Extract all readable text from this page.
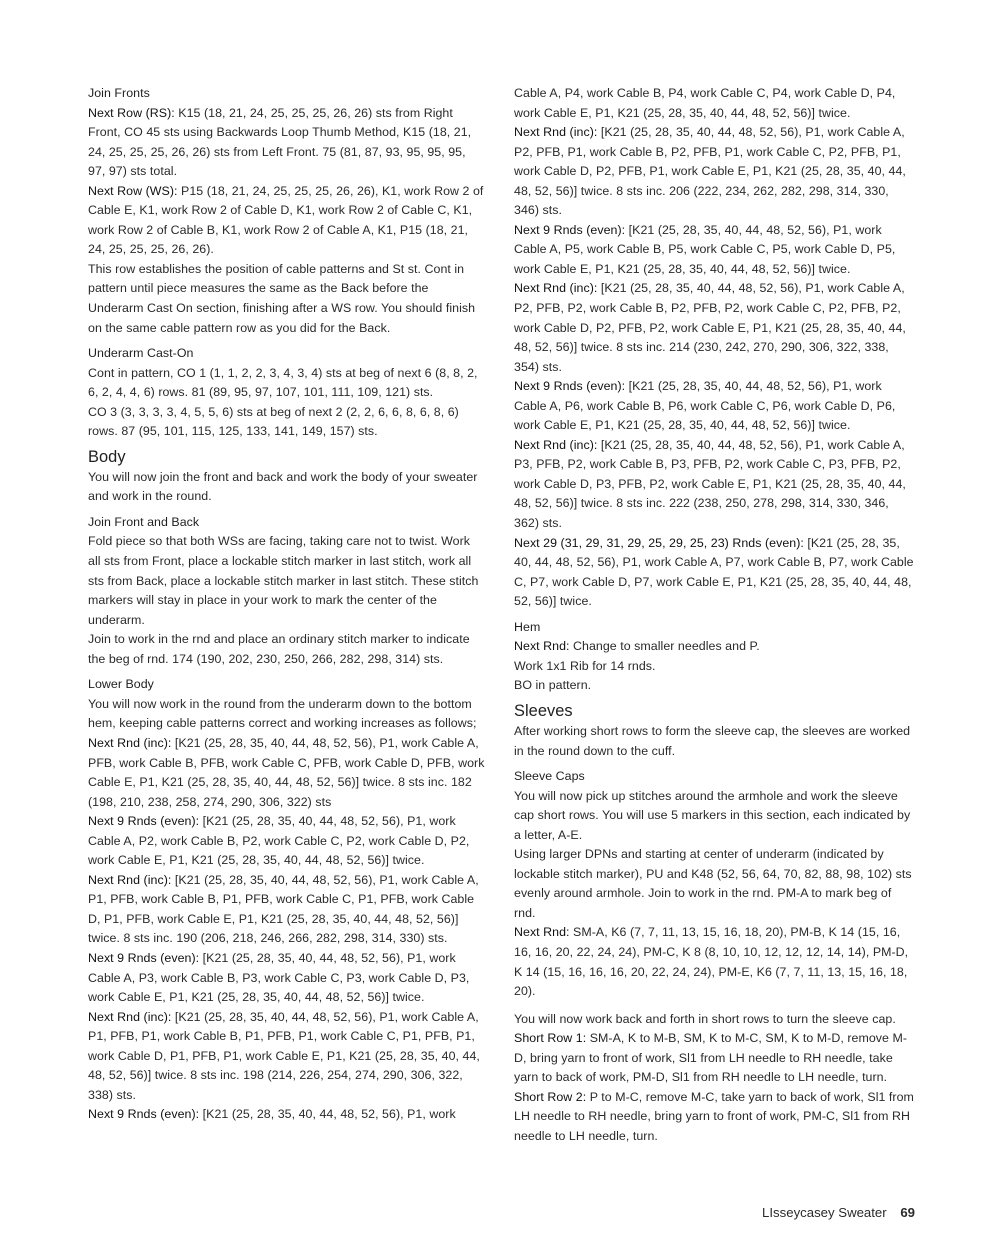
Join Fronts

Next Row (RS): K15 (18, 21, 24, 25, 25, 25, 26, 26) sts from Right Front, CO 45 sts using Backwards Loop Thumb Method, K15 (18, 21, 24, 25, 25, 25, 26, 26) sts from Left Front. 75 (81, 87, 93, 95, 95, 95, 97, 97) sts total.

Next Row (WS): P15 (18, 21, 24, 25, 25, 25, 26, 26), K1, work Row 2 of Cable E, K1, work Row 2 of Cable D, K1, work Row 2 of Cable C, K1, work Row 2 of Cable B, K1, work Row 2 of Cable A, K1, P15 (18, 21, 24, 25, 25, 25, 26, 26).

This row establishes the position of cable patterns and St st. Cont in pattern until piece measures the same as the Back before the Underarm Cast On section, finishing after a WS row. You should finish on the same cable pattern row as you did for the Back.

Underarm Cast-On

Cont in pattern, CO 1 (1, 1, 2, 2, 3, 4, 3, 4) sts at beg of next 6 (8, 8, 2, 6, 2, 4, 4, 6) rows. 81 (89, 95, 97, 107, 101, 111, 109, 121) sts.

CO 3 (3, 3, 3, 3, 4, 5, 5, 6) sts at beg of next 2 (2, 2, 6, 6, 8, 6, 8, 6) rows. 87 (95, 101, 115, 125, 133, 141, 149, 157) sts.

Body

You will now join the front and back and work the body of your sweater and work in the round.

Join Front and Back

Fold piece so that both WSs are facing, taking care not to twist. Work all sts from Front, place a lockable stitch marker in last stitch, work all sts from Back, place a lockable stitch marker in last stitch. These stitch markers will stay in place in your work to mark the center of the underarm.

Join to work in the rnd and place an ordinary stitch marker to indicate the beg of rnd. 174 (190, 202, 230, 250, 266, 282, 298, 314) sts.

Lower Body

You will now work in the round from the underarm down to the bottom hem, keeping cable patterns correct and working increases as follows;

Next Rnd (inc): [K21 (25, 28, 35, 40, 44, 48, 52, 56), P1, work Cable A, PFB, work Cable B, PFB, work Cable C, PFB, work Cable D, PFB, work Cable E, P1, K21 (25, 28, 35, 40, 44, 48, 52, 56)] twice. 8 sts inc. 182 (198, 210, 238, 258, 274, 290, 306, 322) sts

Next 9 Rnds (even): [K21 (25, 28, 35, 40, 44, 48, 52, 56), P1, work Cable A, P2, work Cable B, P2, work Cable C, P2, work Cable D, P2, work Cable E, P1, K21 (25, 28, 35, 40, 44, 48, 52, 56)] twice.

Next Rnd (inc): [K21 (25, 28, 35, 40, 44, 48, 52, 56), P1, work Cable A, P1, PFB, work Cable B, P1, PFB, work Cable C, P1, PFB, work Cable D, P1, PFB, work Cable E, P1, K21 (25, 28, 35, 40, 44, 48, 52, 56)] twice. 8 sts inc. 190 (206, 218, 246, 266, 282, 298, 314, 330) sts.

Next 9 Rnds (even): [K21 (25, 28, 35, 40, 44, 48, 52, 56), P1, work Cable A, P3, work Cable B, P3, work Cable C, P3, work Cable D, P3, work Cable E, P1, K21 (25, 28, 35, 40, 44, 48, 52, 56)] twice.

Next Rnd (inc): [K21 (25, 28, 35, 40, 44, 48, 52, 56), P1, work Cable A, P1, PFB, P1, work Cable B, P1, PFB, P1, work Cable C, P1, PFB, P1, work Cable D, P1, PFB, P1, work Cable E, P1, K21 (25, 28, 35, 40, 44, 48, 52, 56)] twice. 8 sts inc. 198 (214, 226, 254, 274, 290, 306, 322, 338) sts.

Next 9 Rnds (even): [K21 (25, 28, 35, 40, 44, 48, 52, 56), P1, work

Cable A, P4, work Cable B, P4, work Cable C, P4, work Cable D, P4, work Cable E, P1, K21 (25, 28, 35, 40, 44, 48, 52, 56)] twice.

Next Rnd (inc): [K21 (25, 28, 35, 40, 44, 48, 52, 56), P1, work Cable A, P2, PFB, P1, work Cable B, P2, PFB, P1, work Cable C, P2, PFB, P1, work Cable D, P2, PFB, P1, work Cable E, P1, K21 (25, 28, 35, 40, 44, 48, 52, 56)] twice. 8 sts inc. 206 (222, 234, 262, 282, 298, 314, 330, 346) sts.

Next 9 Rnds (even): [K21 (25, 28, 35, 40, 44, 48, 52, 56), P1, work Cable A, P5, work Cable B, P5, work Cable C, P5, work Cable D, P5, work Cable E, P1, K21 (25, 28, 35, 40, 44, 48, 52, 56)] twice.

Next Rnd (inc): [K21 (25, 28, 35, 40, 44, 48, 52, 56), P1, work Cable A, P2, PFB, P2, work Cable B, P2, PFB, P2, work Cable C, P2, PFB, P2, work Cable D, P2, PFB, P2, work Cable E, P1, K21 (25, 28, 35, 40, 44, 48, 52, 56)] twice. 8 sts inc. 214 (230, 242, 270, 290, 306, 322, 338, 354) sts.

Next 9 Rnds (even): [K21 (25, 28, 35, 40, 44, 48, 52, 56), P1, work Cable A, P6, work Cable B, P6, work Cable C, P6, work Cable D, P6, work Cable E, P1, K21 (25, 28, 35, 40, 44, 48, 52, 56)] twice.

Next Rnd (inc): [K21 (25, 28, 35, 40, 44, 48, 52, 56), P1, work Cable A, P3, PFB, P2, work Cable B, P3, PFB, P2, work Cable C, P3, PFB, P2, work Cable D, P3, PFB, P2, work Cable E, P1, K21 (25, 28, 35, 40, 44, 48, 52, 56)] twice. 8 sts inc. 222 (238, 250, 278, 298, 314, 330, 346, 362) sts.

Next 29 (31, 29, 31, 29, 25, 29, 25, 23) Rnds (even): [K21 (25, 28, 35, 40, 44, 48, 52, 56), P1, work Cable A, P7, work Cable B, P7, work Cable C, P7, work Cable D, P7, work Cable E, P1, K21 (25, 28, 35, 40, 44, 48, 52, 56)] twice.

Hem

Next Rnd: Change to smaller needles and P.

Work 1x1 Rib for 14 rnds.

BO in pattern.

Sleeves

After working short rows to form the sleeve cap, the sleeves are worked in the round down to the cuff.

Sleeve Caps

You will now pick up stitches around the armhole and work the sleeve cap short rows. You will use 5 markers in this section, each indicated by a letter, A-E.

Using larger DPNs and starting at center of underarm (indicated by lockable stitch marker), PU and K48 (52, 56, 64, 70, 82, 88, 98, 102) sts evenly around armhole. Join to work in the rnd. PM-A to mark beg of rnd.

Next Rnd: SM-A, K6 (7, 7, 11, 13, 15, 16, 18, 20), PM-B, K 14 (15, 16, 16, 16, 20, 22, 24, 24), PM-C, K 8 (8, 10, 10, 12, 12, 12, 14, 14), PM-D, K 14 (15, 16, 16, 16, 20, 22, 24, 24), PM-E, K6 (7, 7, 11, 13, 15, 16, 18, 20).

You will now work back and forth in short rows to turn the sleeve cap.

Short Row 1: SM-A, K to M-B, SM, K to M-C, SM, K to M-D, remove M-D, bring yarn to front of work, Sl1 from LH needle to RH needle, take yarn to back of work, PM-D, Sl1 from RH needle to LH needle, turn.

Short Row 2: P to M-C, remove M-C, take yarn to back of work, Sl1 from LH needle to RH needle, bring yarn to front of work, PM-C, Sl1 from RH needle to LH needle, turn.

LIsseycasey Sweater 69
